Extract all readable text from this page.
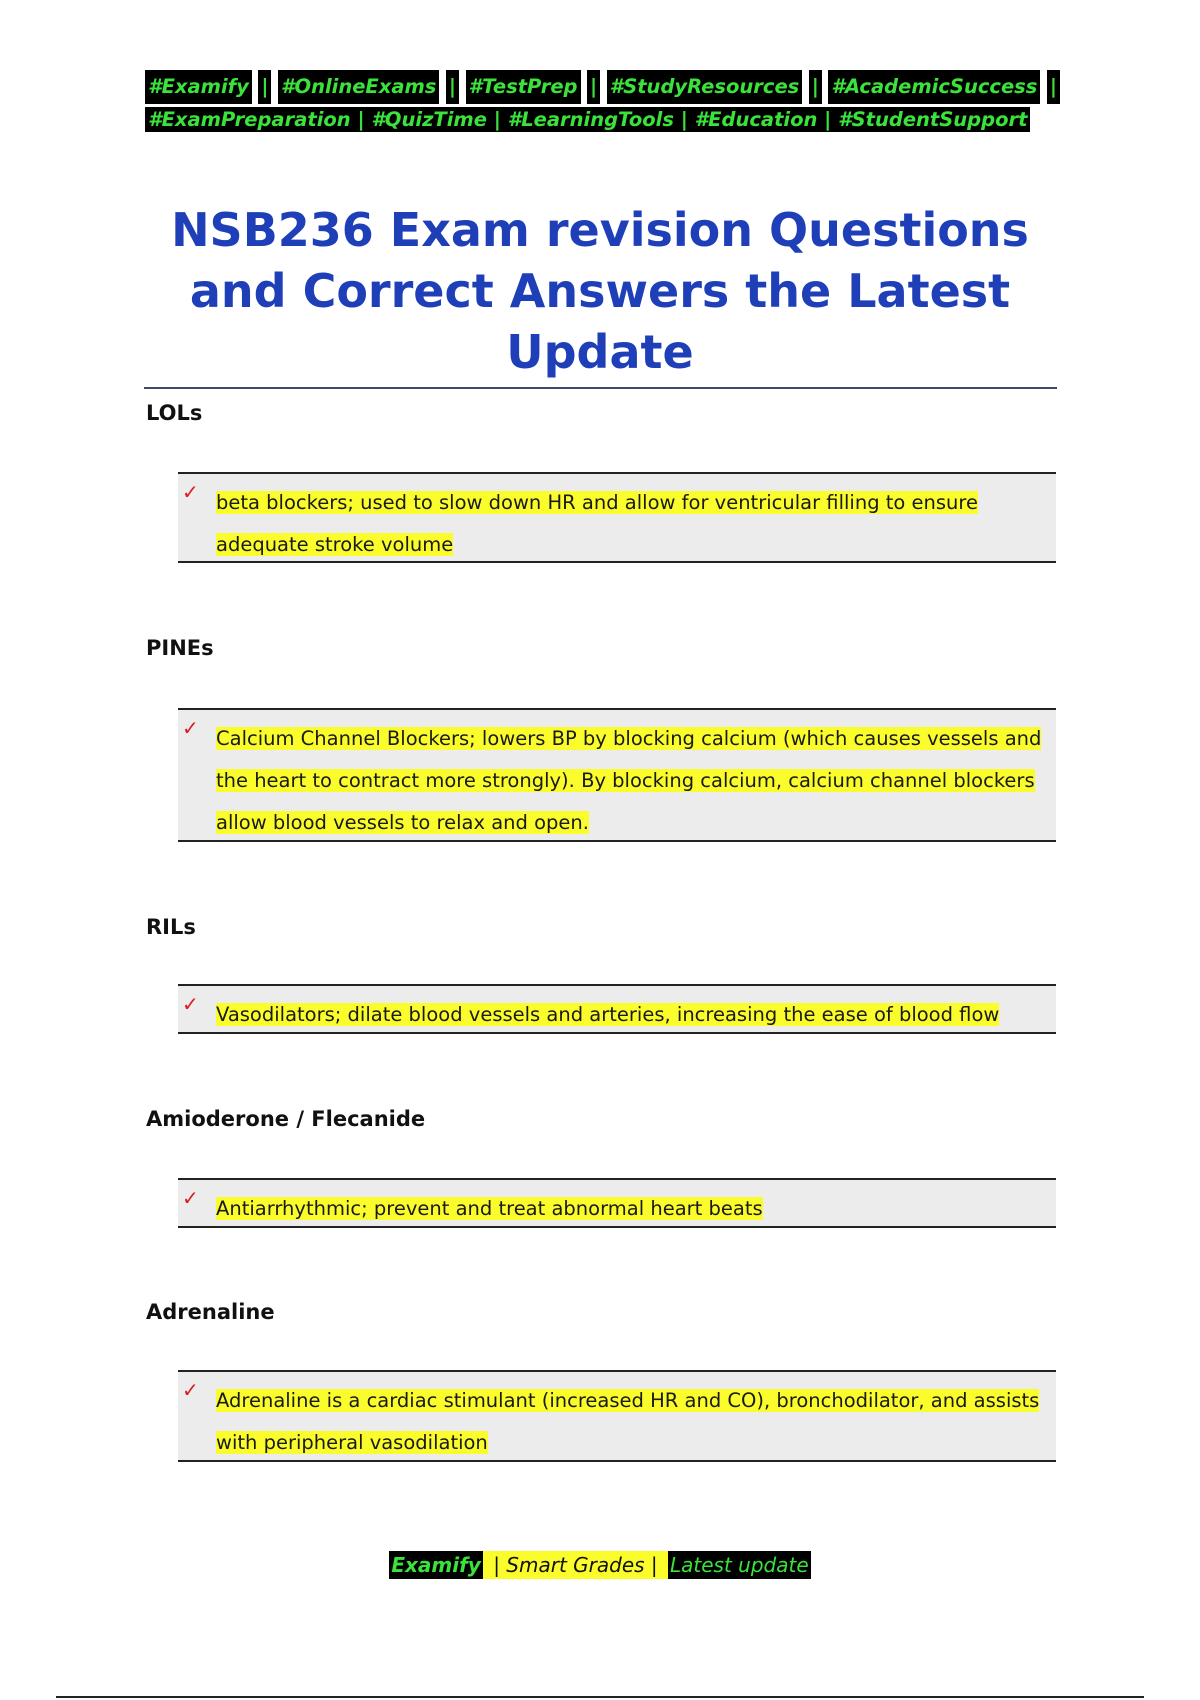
#Examify | #OnlineExams | #TestPrep | #StudyResources | #AcademicSuccess |
#ExamPreparation | #QuizTime | #LearningTools | #Education | #StudentSupport
NSB236 Exam revision Questions
and Correct Answers the Latest
Update

LOLs

✓ beta blockers; used to slow down HR and allow for ventricular filling to ensure
adequate stroke volume

PINEs

✓ Calcium Channel Blockers; lowers BP by blocking calcium (which causes vessels and
the heart to contract more strongly). By blocking calcium, calcium channel blockers
allow blood vessels to relax and open.

RILs

✓ Vasodilators; dilate blood vessels and arteries, increasing the ease of blood flow

Amioderone / Flecanide

✓ Antiarrhythmic; prevent and treat abnormal heart beats

Adrenaline

✓ Adrenaline is a cardiac stimulant (increased HR and CO), bronchodilator, and assists
with peripheral vasodilation
Examify | Smart Grades | Latest update
